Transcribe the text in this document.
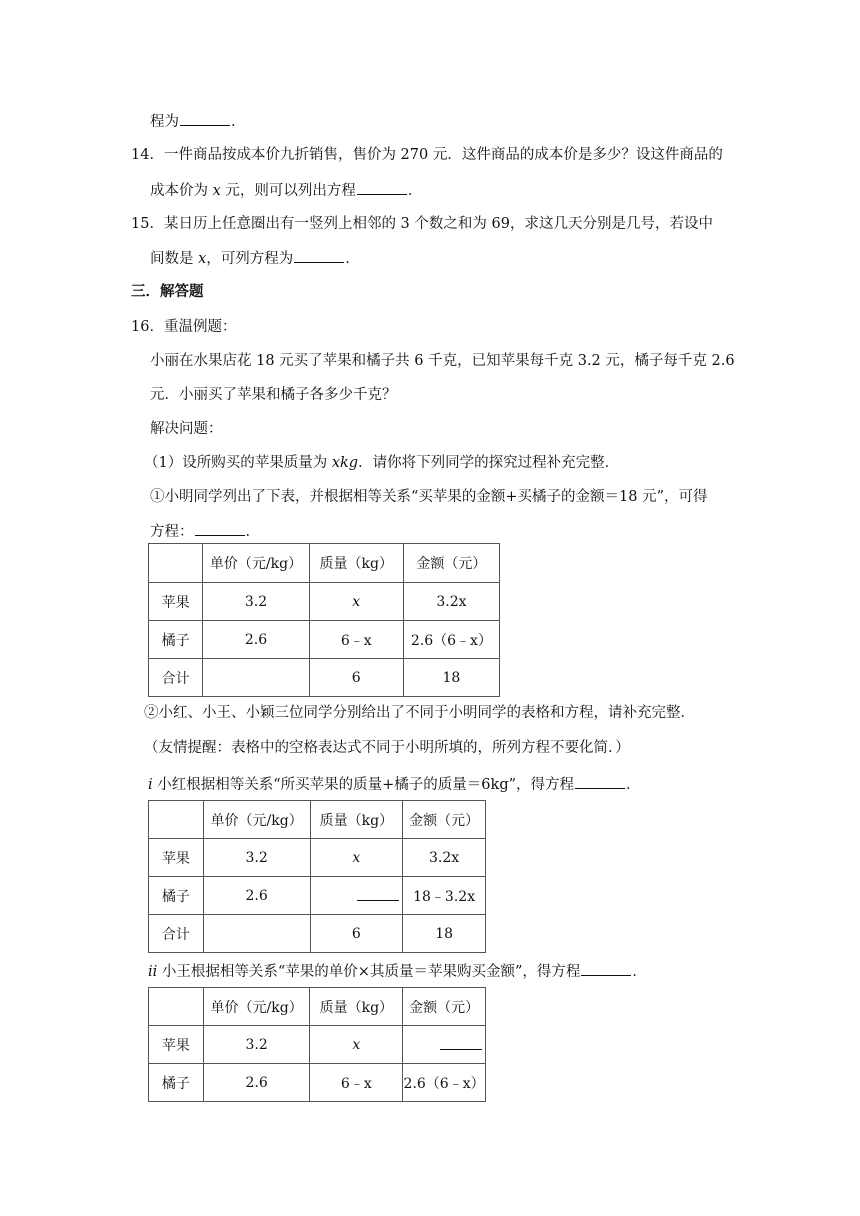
程为	．
14．一件商品按成本价九折销售，售价为 270 元．这件商品的成本价是多少？设这件商品的
成本价为 x 元，则可以列出方程	．
15．某日历上任意圈出有一竖列上相邻的 3 个数之和为 69，求这几天分别是几号，若设中
间数是 x，可列方程为	．
三．解答题
16．重温例题：
小丽在水果店花 18 元买了苹果和橘子共 6 千克，已知苹果每千克 3.2 元，橘子每千克 2.6
元．小丽买了苹果和橘子各多少千克？
解决问题：
（1）设所购买的苹果质量为 xkg．请你将下列同学的探究过程补充完整．
①小明同学列出了下表，并根据相等关系“买苹果的金额+买橘子的金额＝18 元”，可得
方程：	．
	单价（元/kg）	质量（kg）	金额（元）
苹果	3.2	x	3.2x
橘子	2.6	6﹣x	2.6（6﹣x）
合计		6	18
②小红、小王、小颖三位同学分别给出了不同于小明同学的表格和方程，请补充完整．
（友情提醒：表格中的空格表达式不同于小明所填的，所列方程不要化简．）
i 小红根据相等关系“所买苹果的质量+橘子的质量＝6kg”，得方程	．
	单价（元/kg）	质量（kg）	金额（元）
苹果	3.2	x	3.2x
橘子	2.6		18﹣3.2x
合计		6	18
ii 小王根据相等关系“苹果的单价×其质量＝苹果购买金额”，得方程	．
	单价（元/kg）	质量（kg）	金额（元）
苹果	3.2	x	
橘子	2.6	6﹣x	2.6（6﹣x）
